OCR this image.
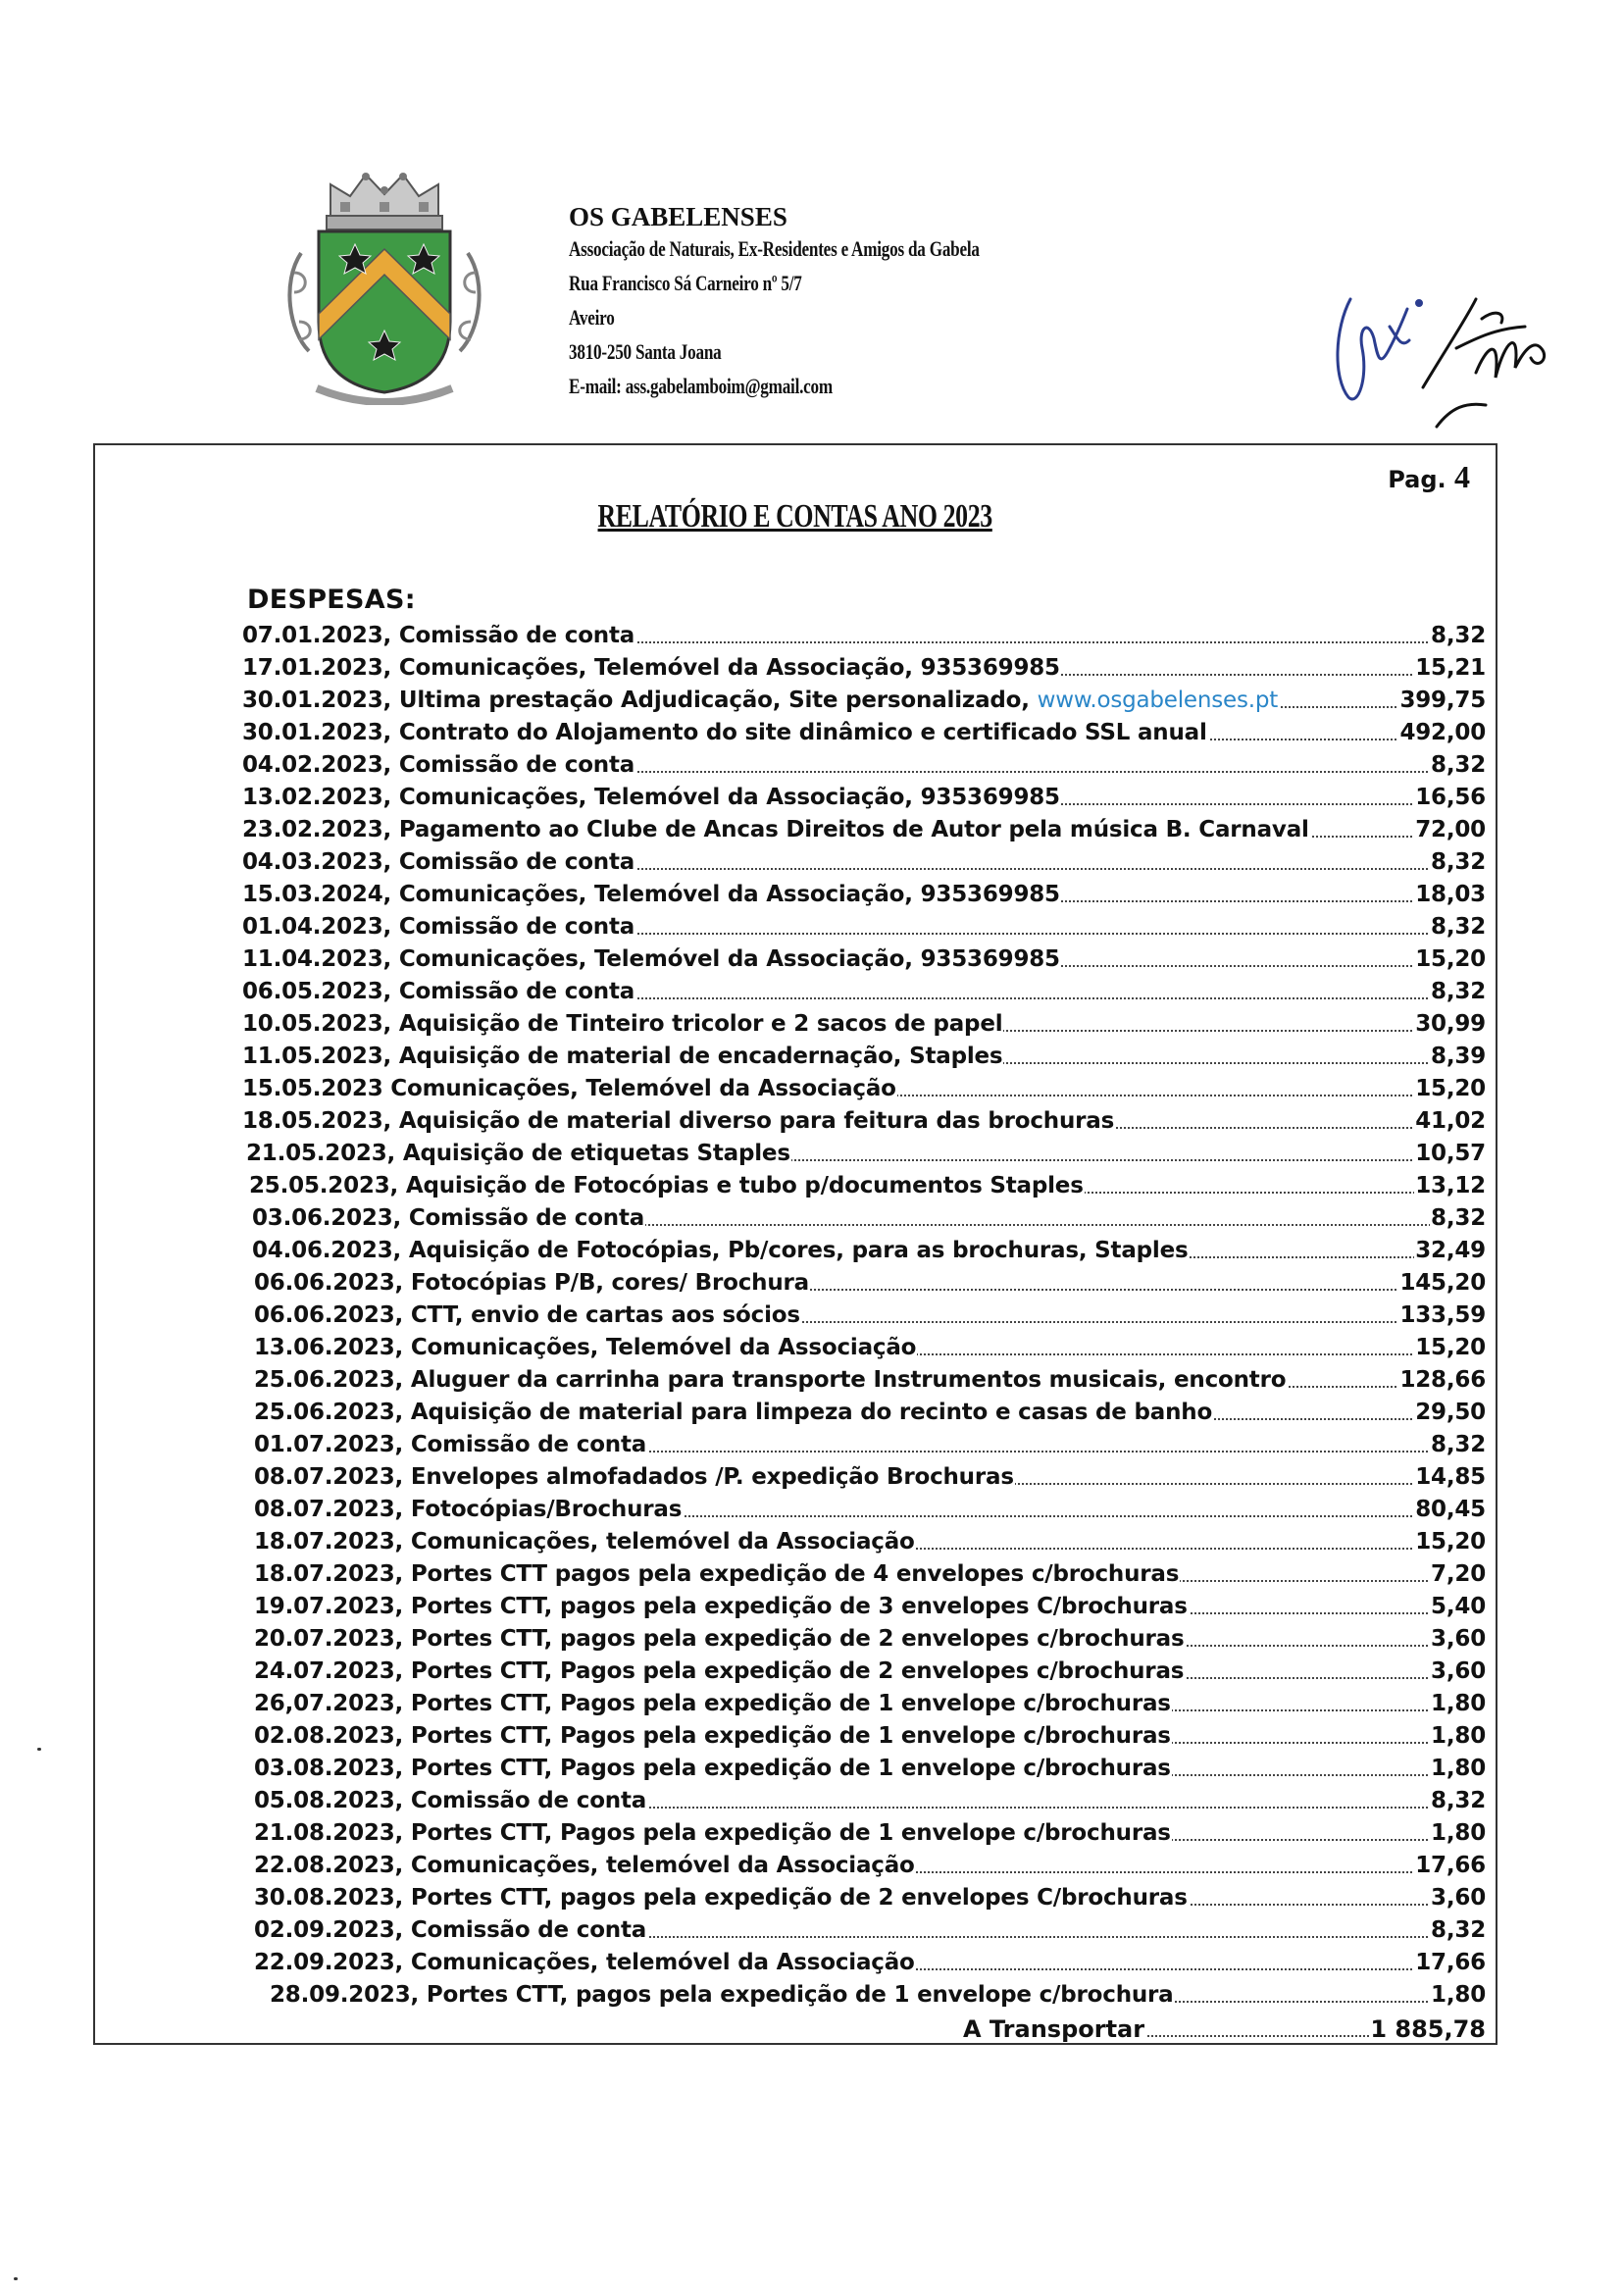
OS GABELENSES
Associação de Naturais, Ex-Residentes e Amigos da Gabela
Rua Francisco Sá Carneiro nº 5/7
Aveiro
3810-250 Santa Joana
E-mail: ass.gabelamboim@gmail.com
Pag. 4
RELATÓRIO E CONTAS ANO 2023
DESPESAS:
07.01.2023, Comissão de conta	8,32
17.01.2023, Comunicações, Telemóvel da Associação, 935369985	15,21
30.01.2023, Ultima prestação Adjudicação, Site personalizado, www.osgabelenses.pt	399,75
30.01.2023, Contrato do Alojamento do site dinâmico e certificado SSL anual	492,00
04.02.2023, Comissão de conta	8,32
13.02.2023, Comunicações, Telemóvel da Associação, 935369985	16,56
23.02.2023, Pagamento ao Clube de Ancas Direitos de Autor pela música B. Carnaval	72,00
04.03.2023, Comissão de conta	8,32
15.03.2024, Comunicações, Telemóvel da Associação, 935369985	18,03
01.04.2023, Comissão de conta	8,32
11.04.2023, Comunicações, Telemóvel da Associação, 935369985	15,20
06.05.2023, Comissão de conta	8,32
10.05.2023, Aquisição de Tinteiro tricolor e 2 sacos de papel	30,99
11.05.2023, Aquisição de material de encadernação, Staples	8,39
15.05.2023 Comunicações, Telemóvel da Associação	15,20
18.05.2023, Aquisição de material diverso para feitura das brochuras	41,02
21.05.2023, Aquisição de etiquetas Staples	10,57
25.05.2023, Aquisição de Fotocópias e tubo p/documentos Staples	13,12
03.06.2023, Comissão de conta	8,32
04.06.2023, Aquisição de Fotocópias, Pb/cores, para as brochuras, Staples	32,49
06.06.2023, Fotocópias P/B, cores/ Brochura	145,20
06.06.2023, CTT, envio de cartas aos sócios	133,59
13.06.2023, Comunicações, Telemóvel da Associação	15,20
25.06.2023, Aluguer da carrinha para transporte Instrumentos musicais, encontro	128,66
25.06.2023, Aquisição de material para limpeza do recinto e casas de banho	29,50
01.07.2023, Comissão de conta	8,32
08.07.2023, Envelopes almofadados /P. expedição Brochuras	14,85
08.07.2023, Fotocópias/Brochuras	80,45
18.07.2023, Comunicações, telemóvel da Associação	15,20
18.07.2023, Portes CTT pagos pela expedição de 4 envelopes c/brochuras	7,20
19.07.2023, Portes CTT, pagos pela expedição de 3 envelopes C/brochuras	5,40
20.07.2023, Portes CTT, pagos pela expedição de 2 envelopes c/brochuras	3,60
24.07.2023, Portes CTT, Pagos pela expedição de 2 envelopes c/brochuras	3,60
26,07.2023, Portes CTT, Pagos pela expedição de 1 envelope c/brochuras	1,80
02.08.2023, Portes CTT, Pagos pela expedição de 1 envelope c/brochuras	1,80
03.08.2023, Portes CTT, Pagos pela expedição de 1 envelope c/brochuras	1,80
05.08.2023, Comissão de conta	8,32
21.08.2023, Portes CTT, Pagos pela expedição de 1 envelope c/brochuras	1,80
22.08.2023, Comunicações, telemóvel da Associação	17,66
30.08.2023, Portes CTT, pagos pela expedição de 2 envelopes C/brochuras	3,60
02.09.2023, Comissão de conta	8,32
22.09.2023, Comunicações, telemóvel da Associação	17,66
28.09.2023, Portes CTT, pagos pela expedição de 1 envelope c/brochura	1,80
A Transportar	1 885,78
